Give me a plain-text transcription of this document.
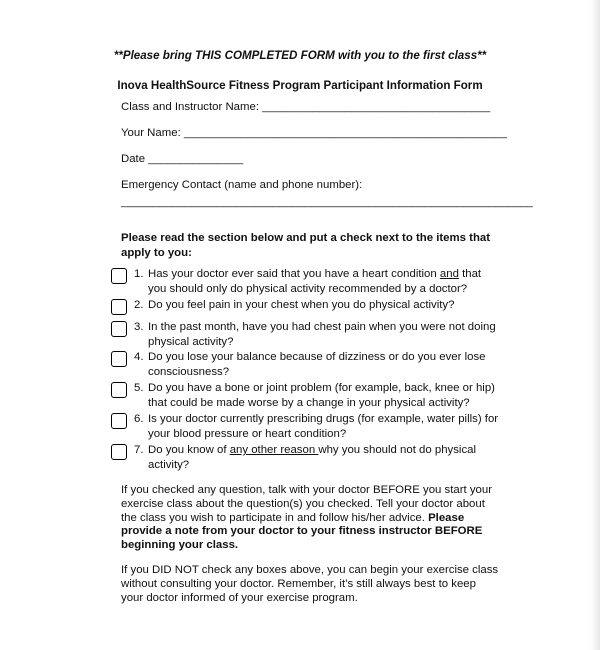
**Please bring THIS COMPLETED FORM with you to the first class**
Inova HealthSource Fitness Program Participant Information Form
Class and Instructor Name: ____________________________________
Your Name: ___________________________________________________
Date _______________
Emergency Contact (name and phone number):
_________________________________________________________________
Please read the section below and put a check next to the items that
apply to you:
1. Has your doctor ever said that you have a heart condition and that
you should only do physical activity recommended by a doctor?
2. Do you feel pain in your chest when you do physical activity?
3. In the past month, have you had chest pain when you were not doing
physical activity?
4. Do you lose your balance because of dizziness or do you ever lose
consciousness?
5. Do you have a bone or joint problem (for example, back, knee or hip)
that could be made worse by a change in your physical activity?
6. Is your doctor currently prescribing drugs (for example, water pills) for
your blood pressure or heart condition?
7. Do you know of any other reason why you should not do physical
activity?
If you checked any question, talk with your doctor BEFORE you start your
exercise class about the question(s) you checked. Tell your doctor about
the class you wish to participate in and follow his/her advice. Please
provide a note from your doctor to your fitness instructor BEFORE
beginning your class.
If you DID NOT check any boxes above, you can begin your exercise class
without consulting your doctor. Remember, it’s still always best to keep
your doctor informed of your exercise program.
